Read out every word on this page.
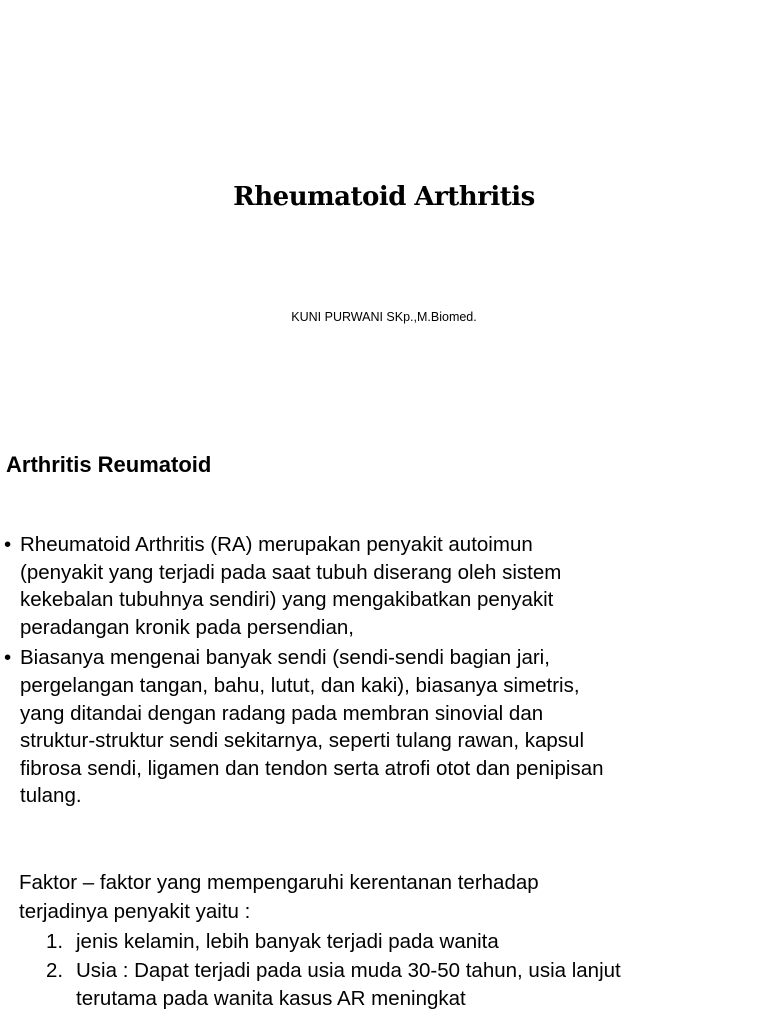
Rheumatoid Arthritis
KUNI PURWANI SKp.,M.Biomed.
Arthritis Reumatoid
• Rheumatoid Arthritis (RA) merupakan penyakit autoimun
(penyakit yang terjadi pada saat tubuh diserang oleh sistem
kekebalan tubuhnya sendiri) yang mengakibatkan penyakit
peradangan kronik pada persendian,
• Biasanya mengenai banyak sendi (sendi-sendi bagian jari,
pergelangan tangan, bahu, lutut, dan kaki), biasanya simetris,
yang ditandai dengan radang pada membran sinovial dan
struktur-struktur sendi sekitarnya, seperti tulang rawan, kapsul
fibrosa sendi, ligamen dan tendon serta atrofi otot dan penipisan
tulang.
Faktor – faktor yang mempengaruhi kerentanan terhadap
terjadinya penyakit yaitu :
1. jenis kelamin, lebih banyak terjadi pada wanita
2. Usia : Dapat terjadi pada usia muda 30-50 tahun, usia lanjut
terutama pada wanita kasus AR meningkat
